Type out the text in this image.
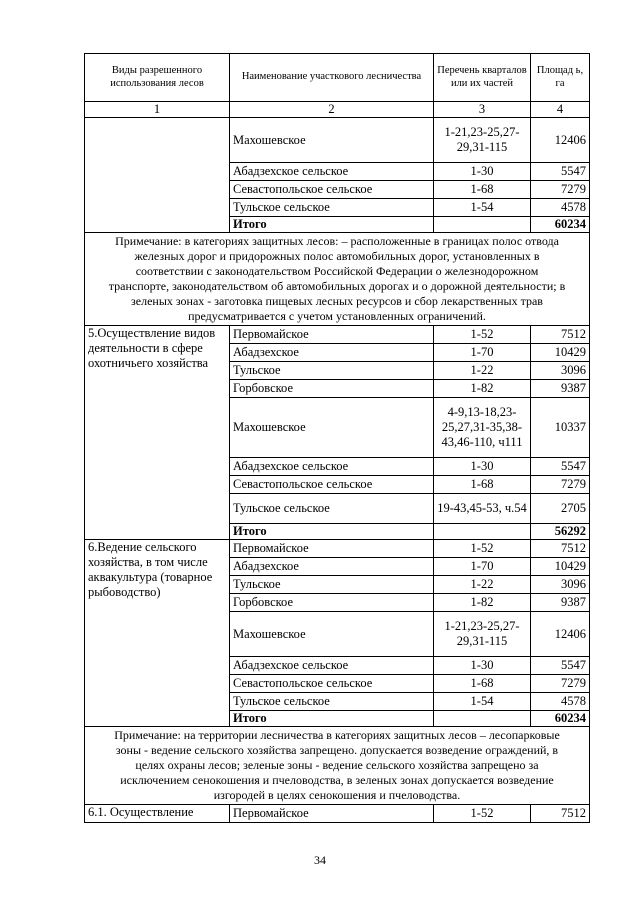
Виды разрешенного использования лесов	Наименование участкового лесничества	Перечень кварталов или их частей	Площад ь, га
1	2	3	4
	Махошевское	1-21,23-25,27-29,31-115	12406
	Абадзехское сельское	1-30	5547
	Севастопольское сельское	1-68	7279
	Тульское сельское	1-54	4578
	Итого		60234
Примечание: в категориях защитных лесов: – расположенные в границах полос отвода железных дорог и придорожных полос автомобильных дорог, установленных в соответствии с законодательством Российской Федерации о железнодорожном транспорте, законодательством об автомобильных дорогах и о дорожной деятельности; в зеленых зонах - заготовка пищевых лесных ресурсов и сбор лекарственных трав предусматривается с учетом установленных ограничений.			
5.Осуществление видов деятельности в сфере охотничьего хозяйства	Первомайское	1-52	7512
	Абадзехское	1-70	10429
	Тульское	1-22	3096
	Горбовское	1-82	9387
	Махошевское	4-9,13-18,23-25,27,31-35,38-43,46-110, ч111	10337
	Абадзехское сельское	1-30	5547
	Севастопольское сельское	1-68	7279
	Тульское сельское	19-43,45-53, ч.54	2705
	Итого		56292
6.Ведение сельского хозяйства, в том числе аквакультура (товарное рыбоводство)	Первомайское	1-52	7512
	Абадзехское	1-70	10429
	Тульское	1-22	3096
	Горбовское	1-82	9387
	Махошевское	1-21,23-25,27-29,31-115	12406
	Абадзехское сельское	1-30	5547
	Севастопольское сельское	1-68	7279
	Тульское сельское	1-54	4578
	Итого		60234
Примечание: на территории лесничества в категориях защитных лесов – лесопарковые зоны - ведение сельского хозяйства запрещено. допускается возведение ограждений, в целях охраны лесов; зеленые зоны - ведение сельского хозяйства запрещено за исключением сенокошения и пчеловодства, в зеленых зонах допускается возведение изгородей в целях сенокошения и пчеловодства.			
6.1. Осуществление	Первомайское	1-52	7512
34
